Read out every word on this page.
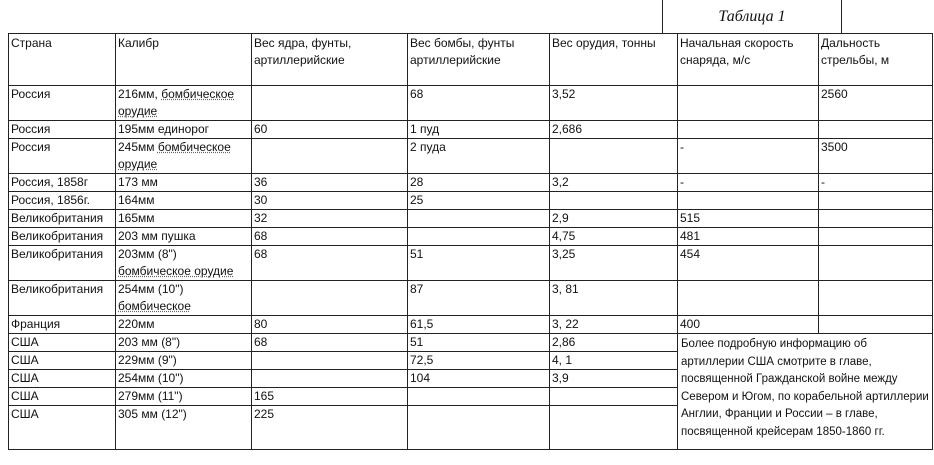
Таблица 1
Страна	Калибр	Вес ядра, фунты, артиллерийские	Вес бомбы, фунты артиллерийские	Вес орудия, тонны	Начальная скорость снаряда, м/с	Дальность стрельбы, м
Россия	216мм, бомбическое орудие		68	3,52		2560
Россия	195мм единорог	60	1 пуд	2,686		
Россия	245мм бомбическое орудие		2 пуда		-	3500
Россия, 1858г	173 мм	36	28	3,2	-	-
Россия, 1856г.	164мм	30	25			
Великобритания	165мм	32		2,9	515	
Великобритания	203 мм пушка	68		4,75	481	
Великобритания	203мм (8") бомбическое орудие	68	51	3,25	454	
Великобритания	254мм (10") бомбическое		87	3, 81		
Франция	220мм	80	61,5	3, 22	400	
США	203 мм (8")	68	51	2,86	Более подробную информацию об артиллерии США смотрите в главе, посвященной Гражданской войне между Севером и Югом, по корабельной артиллерии Англии, Франции и России – в главе, посвященной крейсерам 1850-1860 гг.	
США	229мм (9")		72,5	4, 1		
США	254мм (10")		104	3,9		
США	279мм (11")	165				
США	305 мм (12")	225				
